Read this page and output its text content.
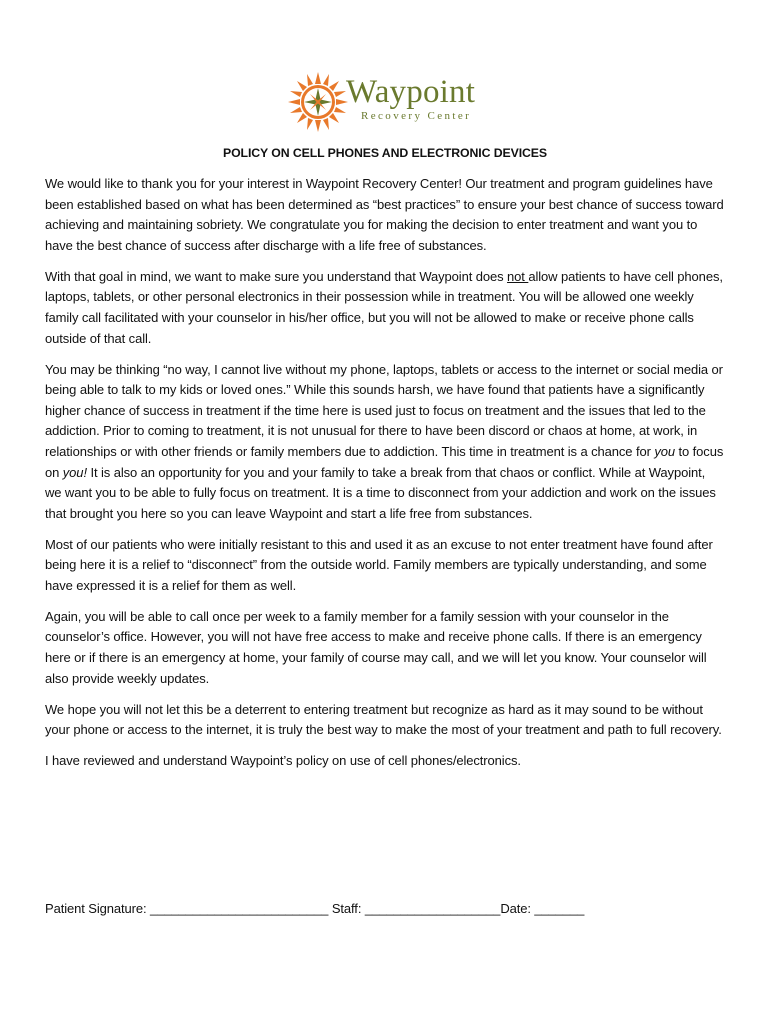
Waypoint
Recovery Center
POLICY ON CELL PHONES AND ELECTRONIC DEVICES

We would like to thank you for your interest in Waypoint Recovery Center! Our treatment and program guidelines have been established based on what has been determined as “best practices” to ensure your best chance of success toward achieving and maintaining sobriety. We congratulate you for making the decision to enter treatment and want you to have the best chance of success after discharge with a life free of substances.

With that goal in mind, we want to make sure you understand that Waypoint does not allow patients to have cell phones, laptops, tablets, or other personal electronics in their possession while in treatment. You will be allowed one weekly family call facilitated with your counselor in his/her office, but you will not be allowed to make or receive phone calls outside of that call.

You may be thinking “no way, I cannot live without my phone, laptops, tablets or access to the internet or social media or being able to talk to my kids or loved ones.” While this sounds harsh, we have found that patients have a significantly higher chance of success in treatment if the time here is used just to focus on treatment and the issues that led to the addiction. Prior to coming to treatment, it is not unusual for there to have been discord or chaos at home, at work, in relationships or with other friends or family members due to addiction. This time in treatment is a chance for you to focus on you! It is also an opportunity for you and your family to take a break from that chaos or conflict. While at Waypoint, we want you to be able to fully focus on treatment. It is a time to disconnect from your addiction and work on the issues that brought you here so you can leave Waypoint and start a life free from substances.

Most of our patients who were initially resistant to this and used it as an excuse to not enter treatment have found after being here it is a relief to “disconnect” from the outside world. Family members are typically understanding, and some have expressed it is a relief for them as well.

Again, you will be able to call once per week to a family member for a family session with your counselor in the counselor’s office. However, you will not have free access to make and receive phone calls. If there is an emergency here or if there is an emergency at home, your family of course may call, and we will let you know. Your counselor will also provide weekly updates.

We hope you will not let this be a deterrent to entering treatment but recognize as hard as it may sound to be without your phone or access to the internet, it is truly the best way to make the most of your treatment and path to full recovery.

I have reviewed and understand Waypoint’s policy on use of cell phones/electronics.

Patient Signature: _________________________ Staff: ___________________Date: _______
